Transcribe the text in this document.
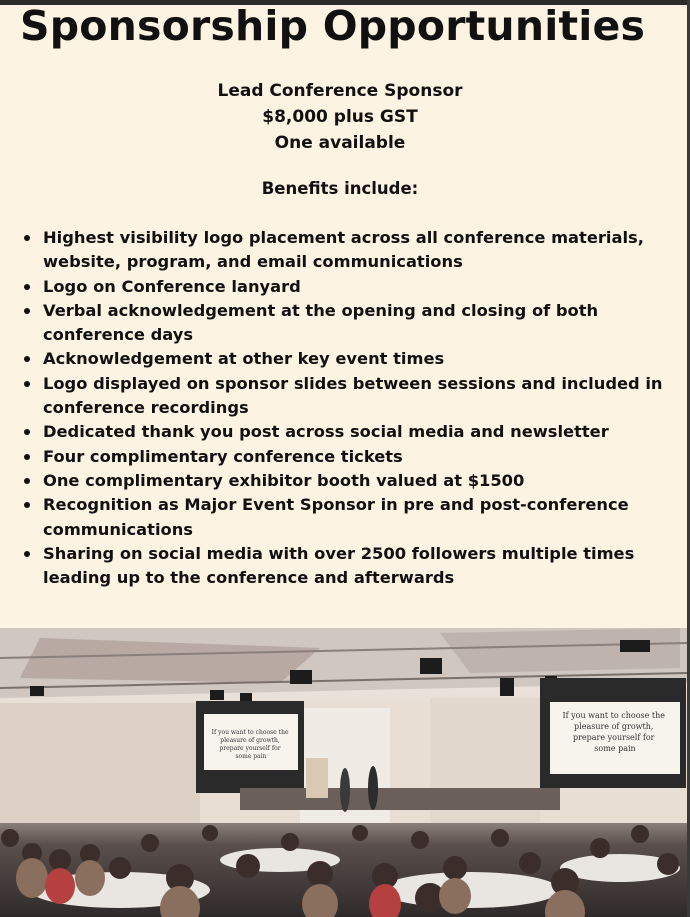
Sponsorship Opportunities
Lead Conference Sponsor
$8,000 plus GST
One available
Benefits include:
Highest visibility logo placement across all conference materials, website, program, and email communications
Logo on Conference lanyard
Verbal acknowledgement at the opening and closing of both conference days
Acknowledgement at other key event times
Logo displayed on sponsor slides between sessions and included in conference recordings
Dedicated thank you post across social media and newsletter
Four complimentary conference tickets
One complimentary exhibitor booth valued at $1500
Recognition as Major Event Sponsor in pre and post-conference communications
Sharing on social media with over 2500 followers multiple times leading up to the conference and afterwards
If you want to choose the pleasure of growth, prepare yourself for some pain
If you want to choose the pleasure of growth, prepare yourself for some pain
